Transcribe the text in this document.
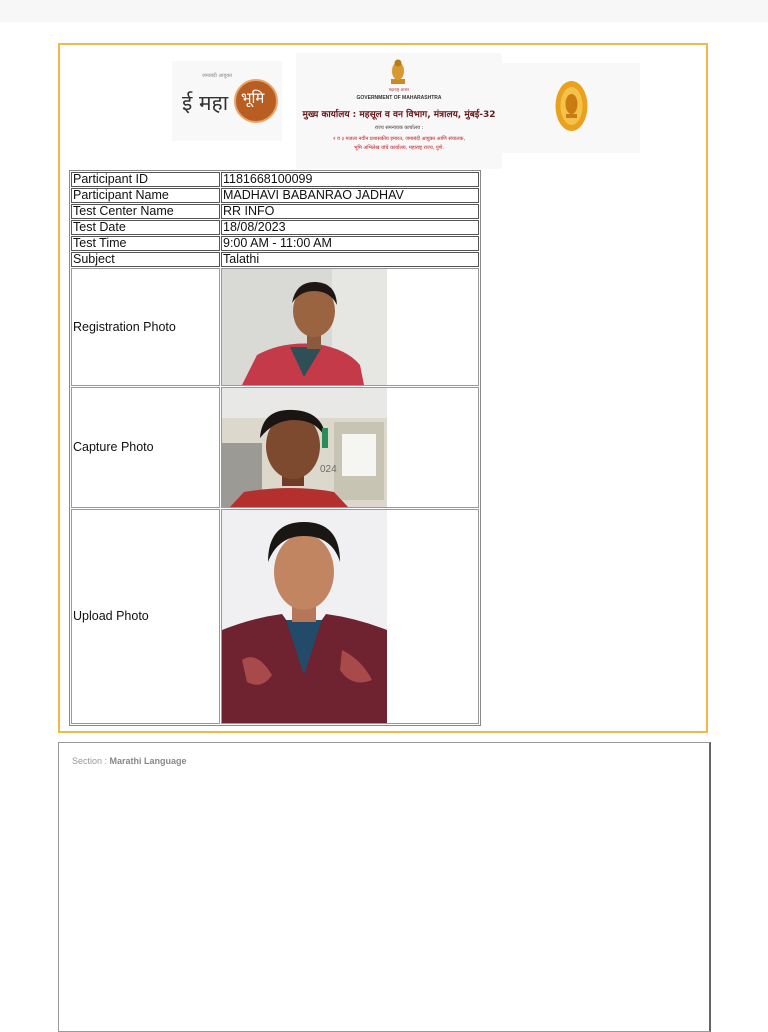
जमाबंदी आयुक्त
ई महा भूमि	महाराष्ट्र शासन
GOVERNMENT OF MAHARASHTRA
मुख्य कार्यालय : महसूल व वन विभाग, मंत्रालय, मुंबई-32
राज्य समन्वयक कार्यालय :
२ व ३ मजला नवीन प्रशासकीय इमारत, जमाबंदी आयुक्त आणि संचालक,
भूमि अभिलेख यांचे कार्यालय, महाराष्ट्र राज्य, पुणे.
Participant ID	1181668100099
Participant Name	MADHAVI BABANRAO JADHAV
Test Center Name	RR INFO
Test Date	18/08/2023
Test Time	9:00 AM - 11:00 AM
Subject	Talathi
Registration Photo	

Capture Photo	024

Upload Photo	
Section : Marathi Language
